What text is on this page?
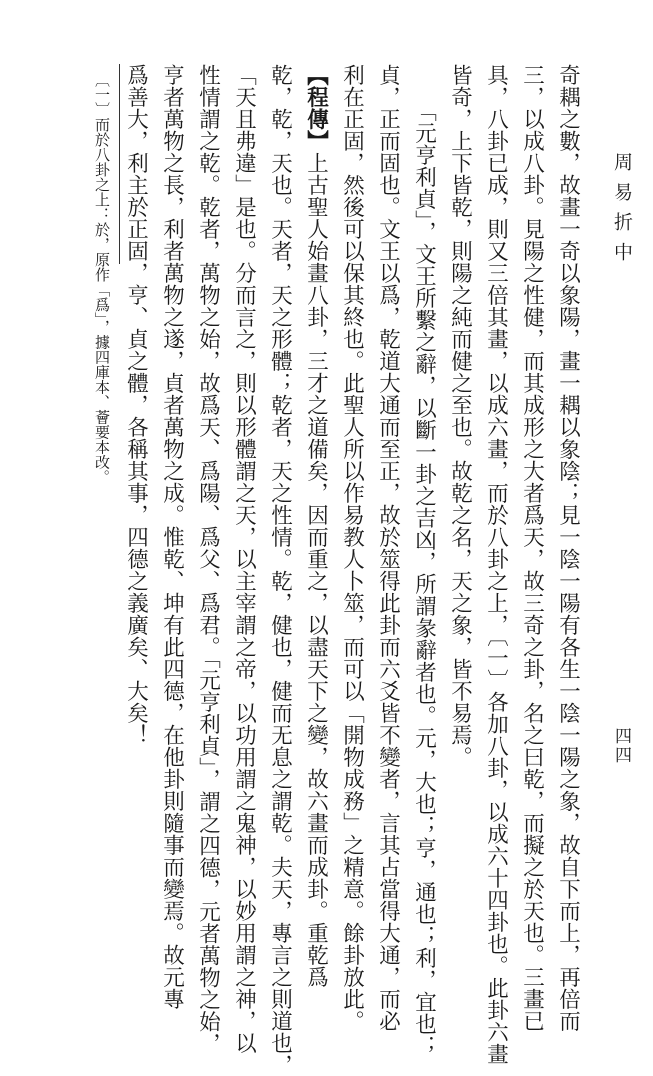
周易折中
四四
奇耦之數，故畫一奇以象陽，畫一耦以象陰；見一陰一陽有各生一陰一陽之象，故自下而上，再倍而
三，以成八卦。見陽之性健，而其成形之大者爲天，故三奇之卦，名之曰乾，而擬之於天也。三畫已
具，八卦已成，則又三倍其畫，以成六畫，而於八卦之上，〔一〕各加八卦，以成六十四卦也。此卦六畫
皆奇，上下皆乾，則陽之純而健之至也。故乾之名，天之象，皆不易焉。
「元亨利貞」，文王所繫之辭，以斷一卦之吉凶，所謂彖辭者也。元，大也；亨，通也；利，宜也；
貞，正而固也。文王以爲，乾道大通而至正，故於筮得此卦而六爻皆不變者，言其占當得大通，而必
利在正固，然後可以保其終也。此聖人所以作易教人卜筮，而可以「開物成務」之精意。餘卦放此。
【程傳】上古聖人始畫八卦，三才之道備矣，因而重之，以盡天下之變，故六畫而成卦。重乾爲
乾，乾，天也。天者，天之形體；乾者，天之性情。乾，健也，健而无息之謂乾。夫天，專言之則道也，
「天且弗違」是也。分而言之，則以形體謂之天，以主宰謂之帝，以功用謂之鬼神，以妙用謂之神，以
性情謂之乾。乾者，萬物之始，故爲天、爲陽、爲父、爲君。「元亨利貞」，謂之四德，元者萬物之始，
亨者萬物之長，利者萬物之遂，貞者萬物之成。惟乾、坤有此四德，在他卦則隨事而變焉。故元專
爲善大，利主於正固，亨、貞之體，各稱其事，四德之義廣矣、大矣！
〔一〕而於八卦之上：於，原作「爲」，據四庫本、薈要本改。
